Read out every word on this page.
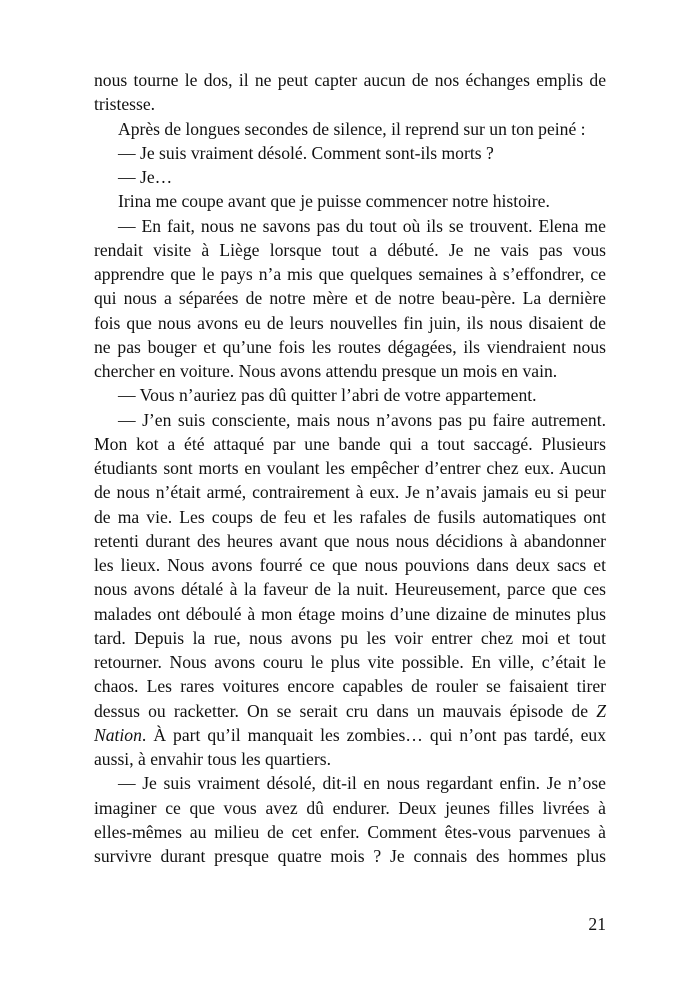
nous tourne le dos, il ne peut capter aucun de nos échanges emplis de
tristesse.
Après de longues secondes de silence, il reprend sur un ton peiné :
— Je suis vraiment désolé. Comment sont-ils morts ?
— Je…
Irina me coupe avant que je puisse commencer notre histoire.
— En fait, nous ne savons pas du tout où ils se trouvent. Elena me
rendait visite à Liège lorsque tout a débuté. Je ne vais pas vous
apprendre que le pays n’a mis que quelques semaines à s’effondrer, ce
qui nous a séparées de notre mère et de notre beau-père. La dernière
fois que nous avons eu de leurs nouvelles fin juin, ils nous disaient de
ne pas bouger et qu’une fois les routes dégagées, ils viendraient nous
chercher en voiture. Nous avons attendu presque un mois en vain.
— Vous n’auriez pas dû quitter l’abri de votre appartement.
— J’en suis consciente, mais nous n’avons pas pu faire autrement.
Mon kot a été attaqué par une bande qui a tout saccagé. Plusieurs
étudiants sont morts en voulant les empêcher d’entrer chez eux. Aucun
de nous n’était armé, contrairement à eux. Je n’avais jamais eu si peur
de ma vie. Les coups de feu et les rafales de fusils automatiques ont
retenti durant des heures avant que nous nous décidions à abandonner
les lieux. Nous avons fourré ce que nous pouvions dans deux sacs et
nous avons détalé à la faveur de la nuit. Heureusement, parce que ces
malades ont déboulé à mon étage moins d’une dizaine de minutes plus
tard. Depuis la rue, nous avons pu les voir entrer chez moi et tout
retourner. Nous avons couru le plus vite possible. En ville, c’était le
chaos. Les rares voitures encore capables de rouler se faisaient tirer
dessus ou racketter. On se serait cru dans un mauvais épisode de Z
Nation. À part qu’il manquait les zombies… qui n’ont pas tardé, eux
aussi, à envahir tous les quartiers.
— Je suis vraiment désolé, dit-il en nous regardant enfin. Je n’ose
imaginer ce que vous avez dû endurer. Deux jeunes filles livrées à
elles-mêmes au milieu de cet enfer. Comment êtes-vous parvenues à
survivre durant presque quatre mois ? Je connais des hommes plus
21
